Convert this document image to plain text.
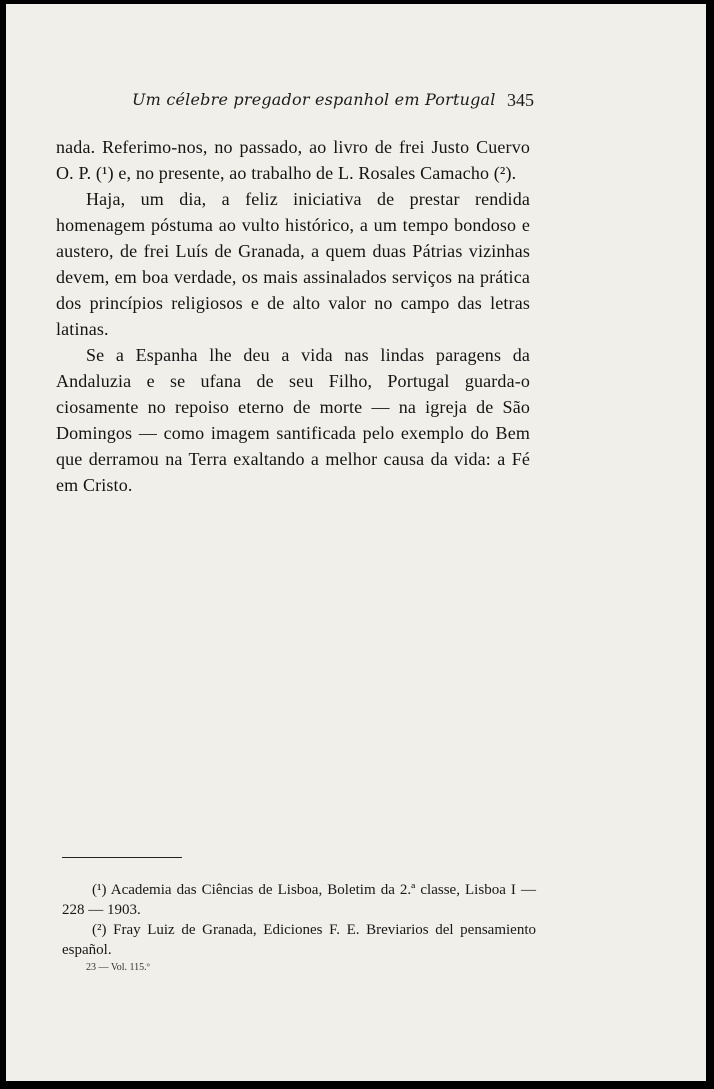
Um célebre pregador espanhol em Portugal 345

nada. Referimo-nos, no passado, ao livro de frei Justo Cuervo O. P. (¹) e, no presente, ao trabalho de L. Rosales Camacho (²).

Haja, um dia, a feliz iniciativa de prestar rendida homenagem póstuma ao vulto histórico, a um tempo bondoso e austero, de frei Luís de Granada, a quem duas Pátrias vizinhas devem, em boa verdade, os mais assinalados serviços na prática dos princípios religiosos e de alto valor no campo das letras latinas.

Se a Espanha lhe deu a vida nas lindas paragens da Andaluzia e se ufana de seu Filho, Portugal guarda-o ciosamente no repoiso eterno de morte — na igreja de São Domingos — como imagem santificada pelo exemplo do Bem que derramou na Terra exaltando a melhor causa da vida: a Fé em Cristo.

(¹) Academia das Ciências de Lisboa, Boletim da 2.ª classe, Lisboa I — 228 — 1903.

(²) Fray Luiz de Granada, Ediciones F. E. Breviarios del pensamiento español.

23 — Vol. 115.º
